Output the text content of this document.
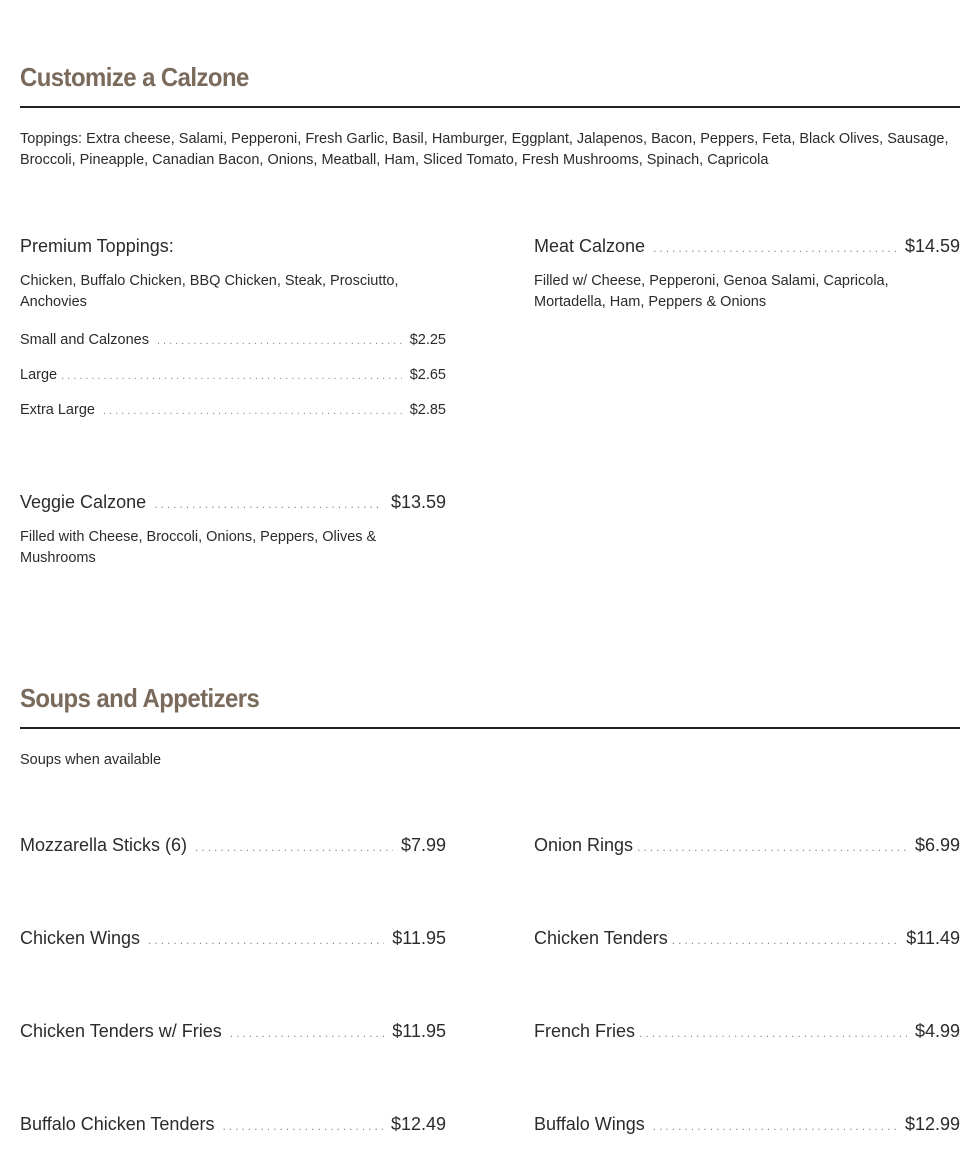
Customize a Calzone
Toppings: Extra cheese, Salami, Pepperoni, Fresh Garlic, Basil, Hamburger, Eggplant, Jalapenos, Bacon, Peppers, Feta, Black Olives, Sausage, Broccoli, Pineapple, Canadian Bacon, Onions, Meatball, Ham, Sliced Tomato, Fresh Mushrooms, Spinach, Capricola
Premium Toppings:
Chicken, Buffalo Chicken, BBQ Chicken, Steak, Prosciutto, Anchovies
Small and Calzones .....	$2.25
Large .....	$2.65
Extra Large .....	$2.85
Meat Calzone .....	$14.59
Filled w/ Cheese, Pepperoni, Genoa Salami, Capricola, Mortadella, Ham, Peppers & Onions
Veggie Calzone .....	$13.59
Filled with Cheese, Broccoli, Onions, Peppers, Olives & Mushrooms
Soups and Appetizers
Soups when available
Mozzarella Sticks (6) .....	$7.99	Onion Rings .....	$6.99
Chicken Wings .....	$11.95	Chicken Tenders .....	$11.49
Chicken Tenders w/ Fries .....	$11.95	French Fries .....	$4.99
Buffalo Chicken Tenders .....	$12.49	Buffalo Wings .....	$12.99
